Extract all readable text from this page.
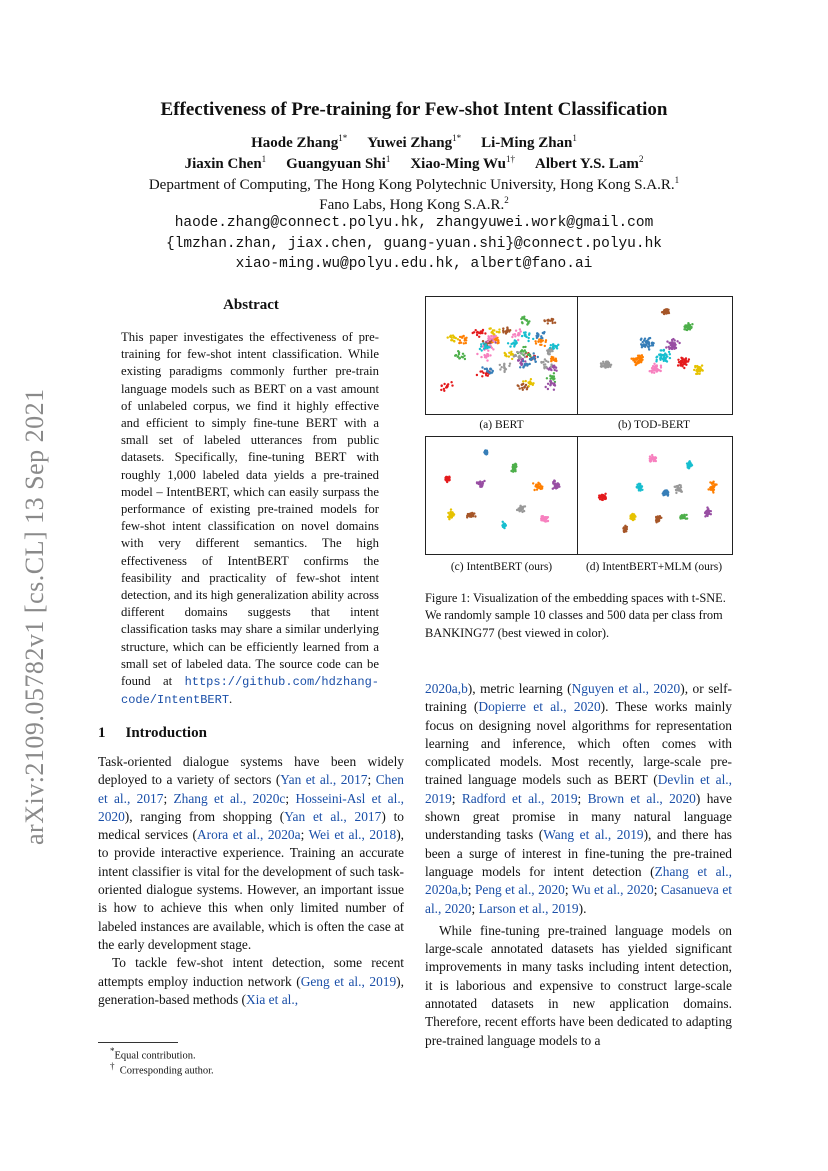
arXiv:2109.05782v1 [cs.CL] 13 Sep 2021
Effectiveness of Pre-training for Few-shot Intent Classification
Haode Zhang$^{1*}$ Yuwei Zhang$^{1*}$ Li-Ming Zhan$^1$
Jiaxin Chen$^1$ Guangyuan Shi$^1$ Xiao-Ming $Wu^{1\dagger}$ Albert Y.S. Lam$^2$
Department of Computing, The Hong Kong Polytechnic University, Hong Kong S.A.R.$^1$
Fano Labs, Hong Kong S.A.R.$^2$
haode.zhang@connect.polyu.hk, zhangyuwei.work@gmail.com
{lmzhan.zhan, jiax.chen, guang-yuan.shi}@connect.polyu.hk
xiao-ming.wu@polyu.edu.hk, albert@fano.ai
Abstract
This paper investigates the effectiveness of pre-training for few-shot intent classification. While existing paradigms commonly further pre-train language models such as BERT on a vast amount of unlabeled corpus, we find it highly effective and efficient to simply fine-tune BERT with a small set of labeled utterances from public datasets. Specifically, fine-tuning BERT with roughly 1,000 labeled data yields a pre-trained model – IntentBERT, which can easily surpass the performance of existing pre-trained models for few-shot intent classification on novel domains with very different semantics. The high effectiveness of IntentBERT confirms the feasibility and practicality of few-shot intent detection, and its high generalization ability across different domains suggests that intent classification tasks may share a similar underlying structure, which can be efficiently learned from a small set of labeled data. The source code can be found at https://github.com/hdzhang-code/IntentBERT.
1 Introduction

Task-oriented dialogue systems have been widely deployed to a variety of sectors (Yan et al., 2017; Chen et al., 2017; Zhang et al., 2020c; Hosseini-Asl et al., 2020), ranging from shopping (Yan et al., 2017) to medical services (Arora et al., 2020a; Wei et al., 2018), to provide interactive experience. Training an accurate intent classifier is vital for the development of such task-oriented dialogue systems. However, an important issue is how to achieve this when only limited number of labeled instances are available, which is often the case at the early development stage.

To tackle few-shot intent detection, some recent attempts employ induction network (Geng et al., 2019), generation-based methods (Xia et al.,

*Equal contribution.
† Corresponding author.
(a) BERT	(b) TOD-BERT
(c) IntentBERT (ours)	(d) IntentBERT+MLM (ours)
Figure 1: Visualization of the embedding spaces with t-SNE. We randomly sample 10 classes and 500 data per class from BANKING77 (best viewed in color).

2020a,b), metric learning (Nguyen et al., 2020), or self-training (Dopierre et al., 2020). These works mainly focus on designing novel algorithms for representation learning and inference, which often comes with complicated models. Most recently, large-scale pre-trained language models such as BERT (Devlin et al., 2019; Radford et al., 2019; Brown et al., 2020) have shown great promise in many natural language understanding tasks (Wang et al., 2019), and there has been a surge of interest in fine-tuning the pre-trained language models for intent detection (Zhang et al., 2020a,b; Peng et al., 2020; Wu et al., 2020; Casanueva et al., 2020; Larson et al., 2019).

While fine-tuning pre-trained language models on large-scale annotated datasets has yielded significant improvements in many tasks including intent detection, it is laborious and expensive to construct large-scale annotated datasets in new application domains. Therefore, recent efforts have been dedicated to adapting pre-trained language models to a
